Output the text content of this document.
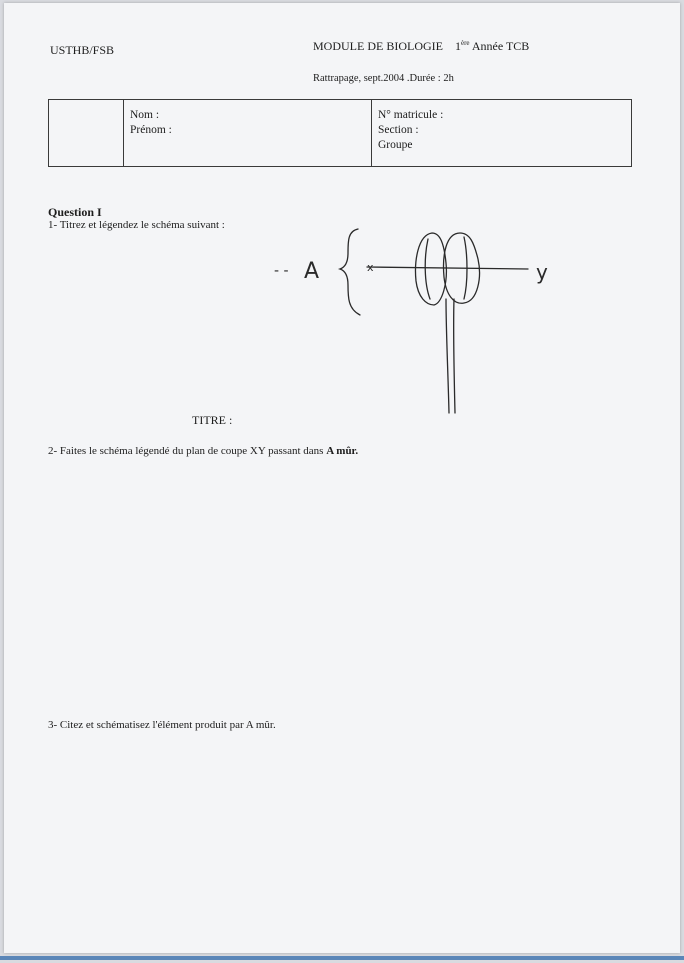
USTHB/FSB	MODULE DE BIOLOGIE 1ère Année TCB
Rattrapage, sept.2004 .Durée : 2h
Nom :
Prénom :
N° matricule :
Section :
Groupe
Question I
1- Titrez et légendez le schéma suivant :
- - A	x	y
TITRE :
2- Faites le schéma légendé du plan de coupe XY passant dans A mûr.
3- Citez et schématisez l'élément produit par A mûr.
